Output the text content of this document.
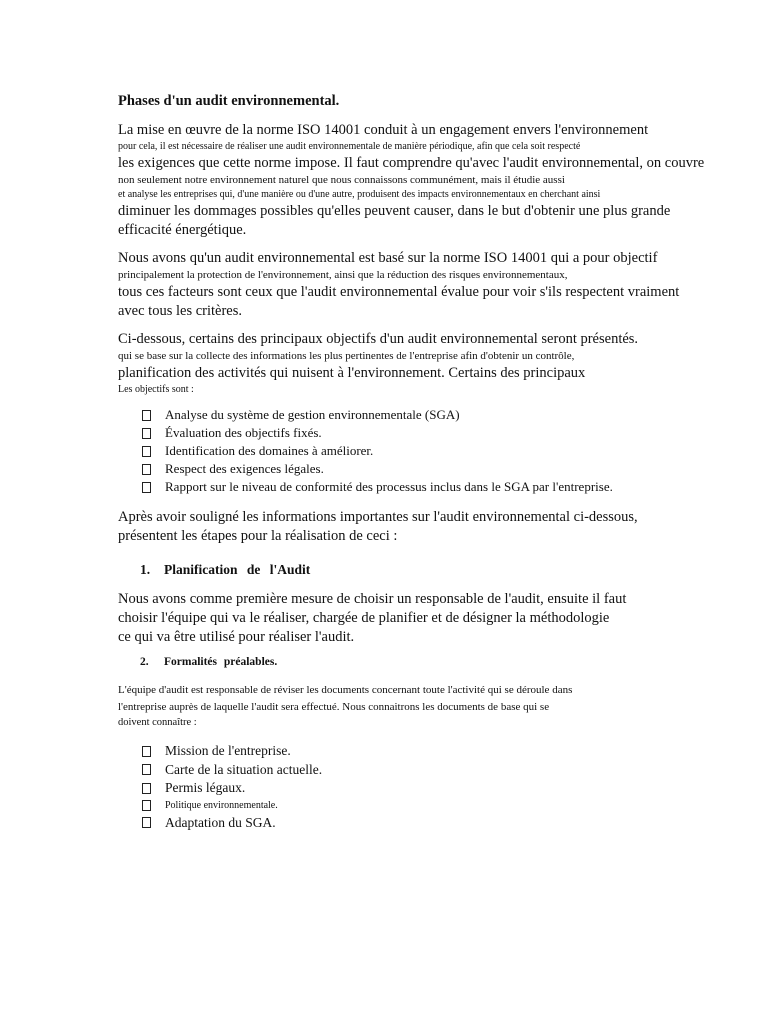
Phases d'un audit environnemental.
La mise en œuvre de la norme ISO 14001 conduit à un engagement envers l'environnement
pour cela, il est nécessaire de réaliser une audit environnementale de manière périodique, afin que cela soit respecté
les exigences que cette norme impose. Il faut comprendre qu'avec l'audit environnemental, on couvre
non seulement notre environnement naturel que nous connaissons communément, mais il étudie aussi
et analyse les entreprises qui, d'une manière ou d'une autre, produisent des impacts environnementaux en cherchant ainsi
diminuer les dommages possibles qu'elles peuvent causer, dans le but d'obtenir une plus grande
efficacité énergétique.
Nous avons qu'un audit environnemental est basé sur la norme ISO 14001 qui a pour objectif
principalement la protection de l'environnement, ainsi que la réduction des risques environnementaux,
tous ces facteurs sont ceux que l'audit environnemental évalue pour voir s'ils respectent vraiment
avec tous les critères.
Ci-dessous, certains des principaux objectifs d'un audit environnemental seront présentés.
qui se base sur la collecte des informations les plus pertinentes de l'entreprise afin d'obtenir un contrôle,
planification des activités qui nuisent à l'environnement. Certains des principaux
Les objectifs sont :
Analyse du système de gestion environnementale (SGA)
Évaluation des objectifs fixés.
Identification des domaines à améliorer.
Respect des exigences légales.
Rapport sur le niveau de conformité des processus inclus dans le SGA par l'entreprise.
Après avoir souligné les informations importantes sur l'audit environnemental ci-dessous,
présentent les étapes pour la réalisation de ceci :
1. Planification de l'Audit
Nous avons comme première mesure de choisir un responsable de l'audit, ensuite il faut
choisir l'équipe qui va le réaliser, chargée de planifier et de désigner la méthodologie
ce qui va être utilisé pour réaliser l'audit.
2. Formalités préalables.
L'équipe d'audit est responsable de réviser les documents concernant toute l'activité qui se déroule dans
l'entreprise auprès de laquelle l'audit sera effectué. Nous connaitrons les documents de base qui se
doivent connaître :
Mission de l'entreprise.
Carte de la situation actuelle.
Permis légaux.
Politique environnementale.
Adaptation du SGA.
